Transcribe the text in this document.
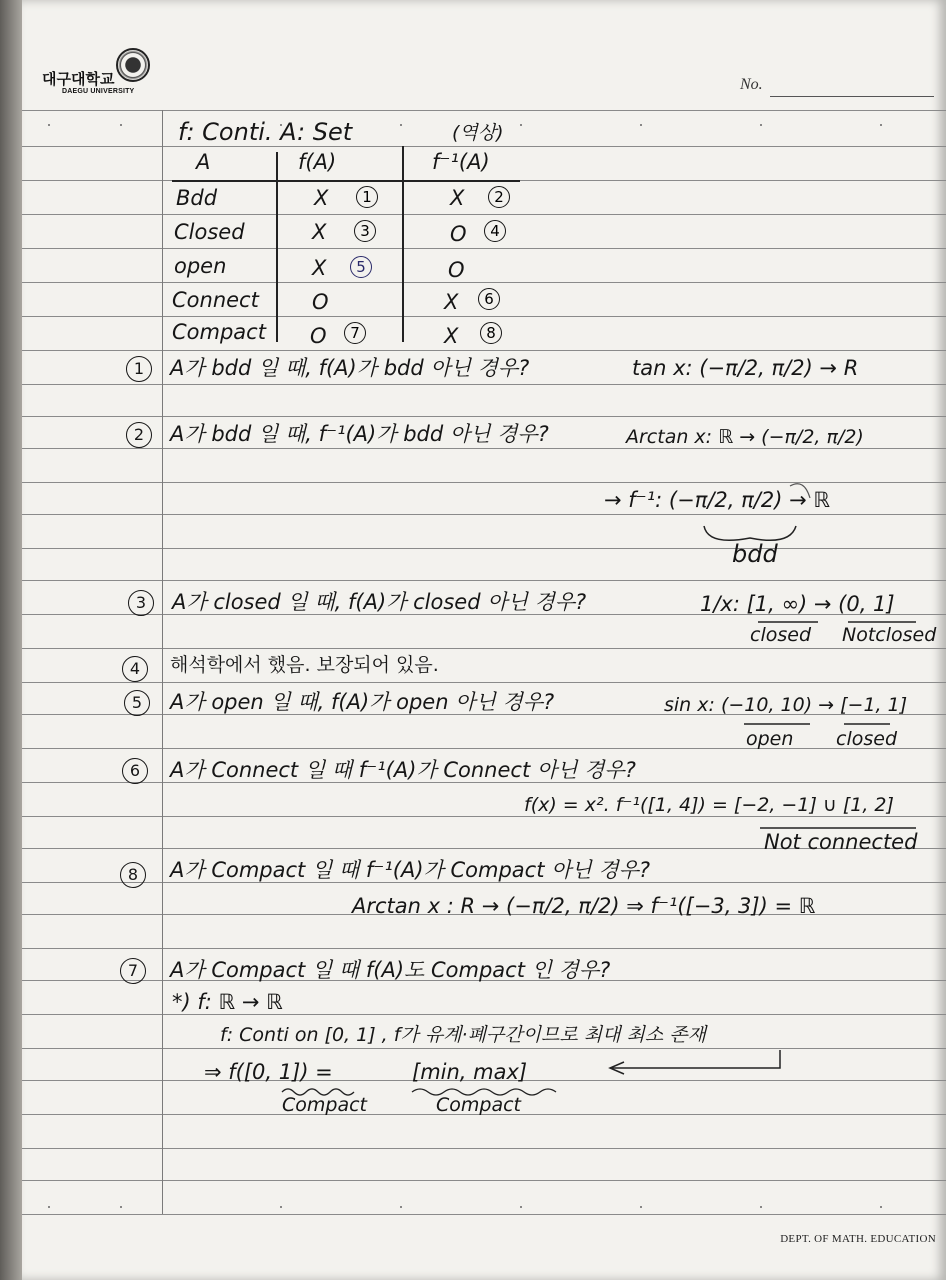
대구대학교
DAEGU UNIVERSITY	No.
f: Conti. A: Set	(역상)
A	f(A)	f⁻¹(A)
Bdd	X	1	X	2
Closed	X	3	O	4
open	X	5	O
Connect	O	X	6
Compact O	7	X	8
1	A가 bdd 일 때, f(A)가 bdd 아닌 경우?	tan x: (−π/2, π/2) → R
2	A가 bdd 일 때, f⁻¹(A)가 bdd 아닌 경우?	Arctan x: ℝ → (−π/2, π/2)
→ f⁻¹: (−π/2, π/2) → ℝ
bdd
3	A가 closed 일 때, f(A)가 closed 아닌 경우?	1/x: [1, ∞) → (0, 1]
closed Notclosed
4	해석학에서 했음. 보장되어 있음.
5	A가 open 일 때, f(A)가 open 아닌 경우?	sin x: (−10, 10) → [−1, 1]
open closed
6	A가 Connect 일 때 f⁻¹(A)가 Connect 아닌 경우?
f(x) = x². f⁻¹([1, 4]) = [−2, −1] ∪ [1, 2]
Not connected
8	A가 Compact 일 때 f⁻¹(A)가 Compact 아닌 경우?
Arctan x : R → (−π/2, π/2) ⇒ f⁻¹([−3, 3]) = ℝ
7	A가 Compact 일 때 f(A)도 Compact 인 경우?
*) f: ℝ → ℝ
f: Conti on [0, 1] , f가 유계·폐구간이므로 최대 최소 존재
⇒ f([0, 1]) =	[min, max]
Compact	Compact
DEPT. OF MATH. EDUCATION
